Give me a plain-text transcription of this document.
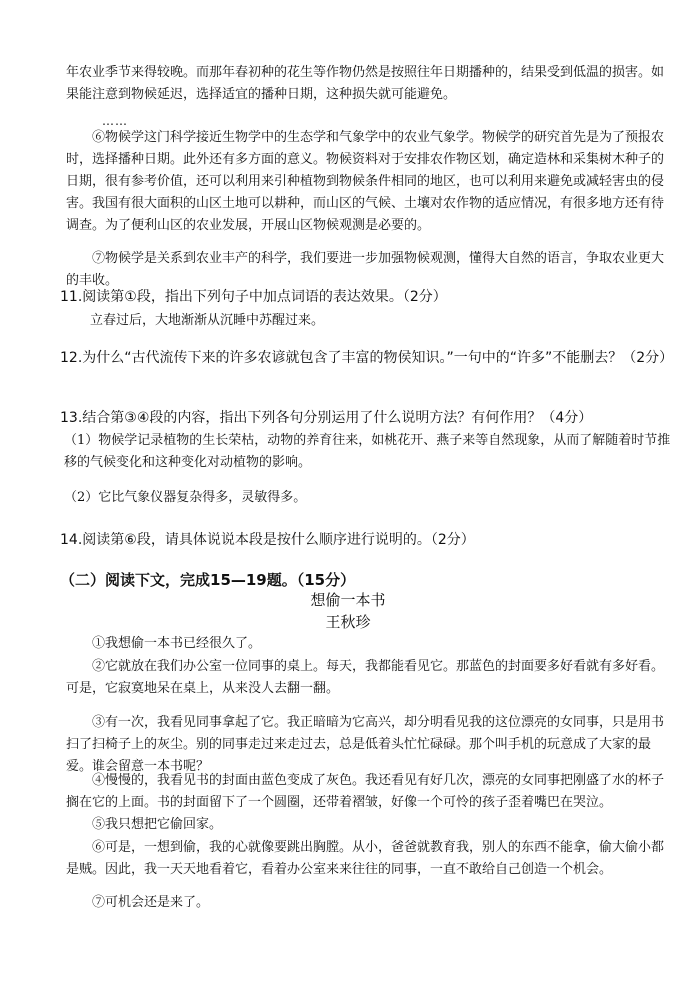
年农业季节来得较晚。而那年春初种的花生等作物仍然是按照往年日期播种的，结果受到低温的损害。如果能注意到物候延迟，选择适宜的播种日期，这种损失就可能避免。

……

⑥物候学这门科学接近生物学中的生态学和气象学中的农业气象学。物候学的研究首先是为了预报农时，选择播种日期。此外还有多方面的意义。物候资料对于安排农作物区划，确定造林和采集树木种子的日期，很有参考价值，还可以利用来引种植物到物候条件相同的地区，也可以利用来避免或减轻害虫的侵害。我国有很大面积的山区土地可以耕种，而山区的气候、土壤对农作物的适应情况，有很多地方还有待调查。为了便利山区的农业发展，开展山区物候观测是必要的。

⑦物候学是关系到农业丰产的科学，我们要进一步加强物候观测，懂得大自然的语言，争取农业更大的丰收。

11.阅读第①段，指出下列句子中加点词语的表达效果。（2分）

立春过后，大地渐渐从沉睡中苏醒过来。

12.为什么“古代流传下来的许多农谚就包含了丰富的物侯知识。”一句中的“许多”不能删去？（2分）

13.结合第③④段的内容，指出下列各句分别运用了什么说明方法？有何作用？（4分）

（1）物候学记录植物的生长荣枯，动物的养育往来，如桃花开、燕子来等自然现象，从而了解随着时节推移的气候变化和这种变化对动植物的影响。

（2）它比气象仪器复杂得多，灵敏得多。

14.阅读第⑥段，请具体说说本段是按什么顺序进行说明的。（2分）

（二）阅读下文，完成15—19题。（15分）

想偷一本书

王秋珍

①我想偷一本书已经很久了。

②它就放在我们办公室一位同事的桌上。每天，我都能看见它。那蓝色的封面要多好看就有多好看。可是，它寂寞地呆在桌上，从来没人去翻一翻。

③有一次，我看见同事拿起了它。我正暗暗为它高兴，却分明看见我的这位漂亮的女同事，只是用书扫了扫椅子上的灰尘。别的同事走过来走过去，总是低着头忙忙碌碌。那个叫手机的玩意成了大家的最爱。谁会留意一本书呢？

④慢慢的，我看见书的封面由蓝色变成了灰色。我还看见有好几次，漂亮的女同事把刚盛了水的杯子搁在它的上面。书的封面留下了一个圆圈，还带着褶皱，好像一个可怜的孩子歪着嘴巴在哭泣。

⑤我只想把它偷回家。

⑥可是，一想到偷，我的心就像要跳出胸膛。从小，爸爸就教育我，别人的东西不能拿，偷大偷小都是贼。因此，我一天天地看着它，看着办公室来来往往的同事，一直不敢给自己创造一个机会。

⑦可机会还是来了。
